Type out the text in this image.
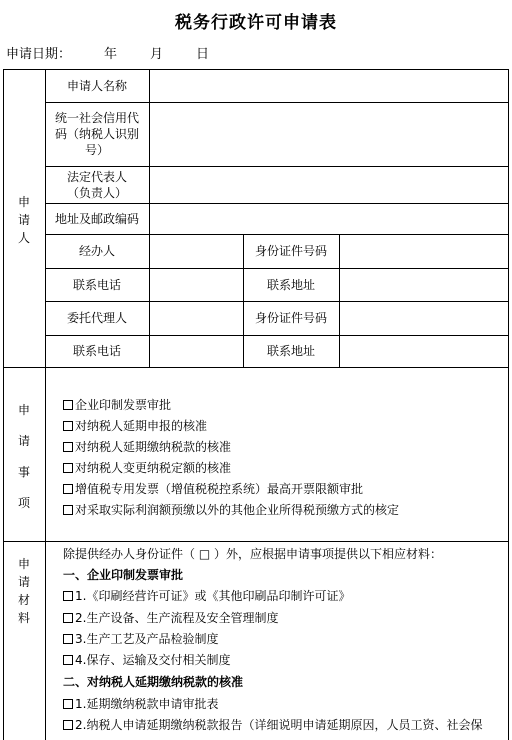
税务行政许可申请表
申请日期：	年	月	日
申
请
人
申
请
事
项
申
请
材
料
申请人名称
统一社会信用代
码（纳税人识别
号）
法定代表人
（负责人）
地址及邮政编码
经办人	身份证件号码
联系电话	联系地址
委托代理人	身份证件号码
联系电话	联系地址
企业印制发票审批
对纳税人延期申报的核准
对纳税人延期缴纳税款的核准
对纳税人变更纳税定额的核准
增值税专用发票（增值税税控系统）最高开票限额审批
对采取实际利润额预缴以外的其他企业所得税预缴方式的核定
除提供经办人身份证件（ □ ）外，应根据申请事项提供以下相应材料：
一、企业印制发票审批
1.《印刷经营许可证》或《其他印刷品印制许可证》
2.生产设备、生产流程及安全管理制度
3.生产工艺及产品检验制度
4.保存、运输及交付相关制度
二、对纳税人延期缴纳税款的核准
1.延期缴纳税款申请审批表
2.纳税人申请延期缴纳税款报告（详细说明申请延期原因，人员工资、社会保
